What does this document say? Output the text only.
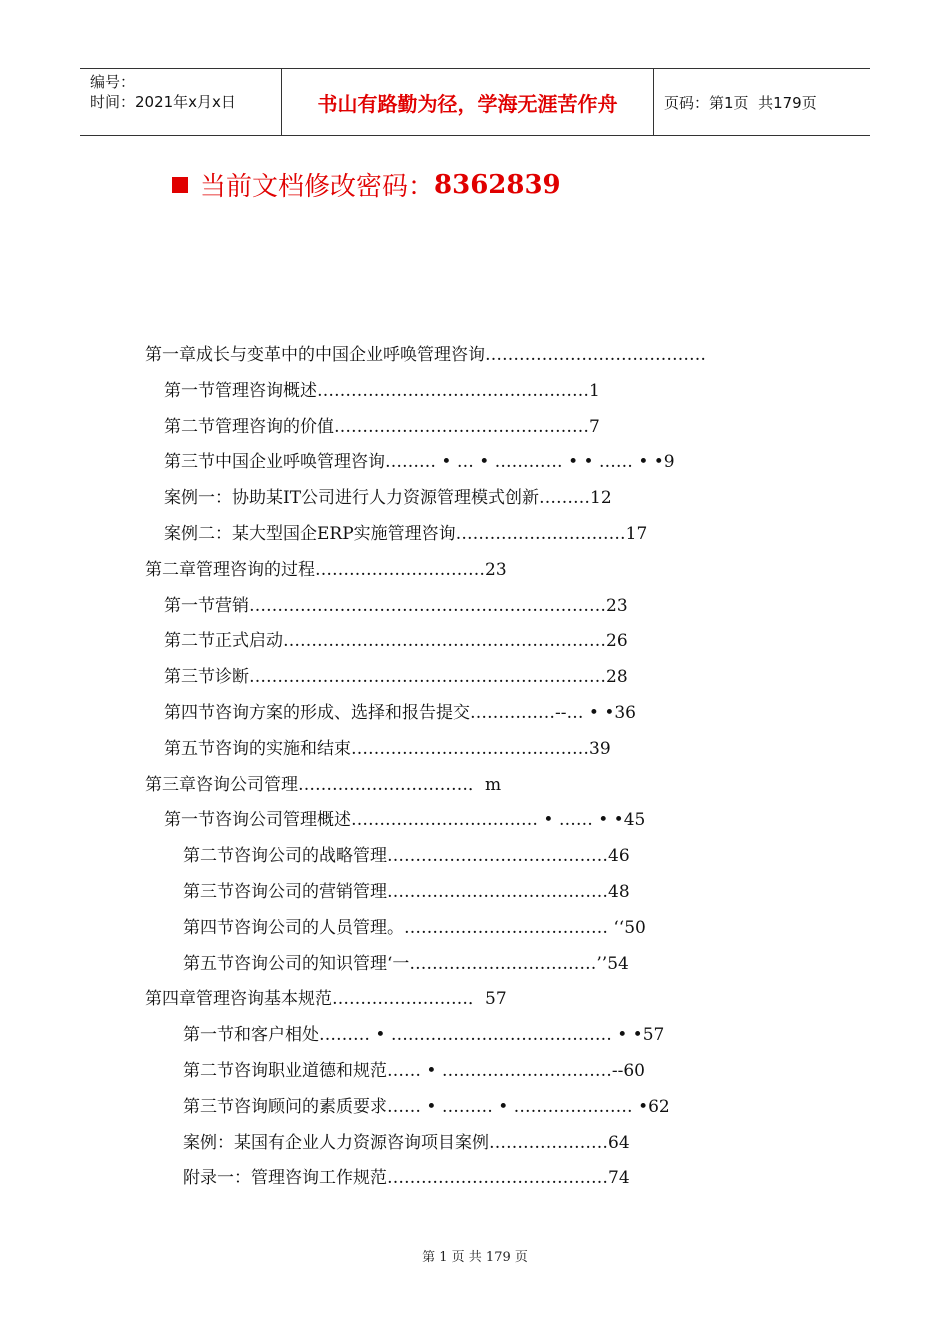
编号：
时间：2021年x月x日	书山有路勤为径，学海无涯苦作舟	页码：第1页  共179页
当前文档修改密码： 8362839
第一章成长与变革中的中国企业呼唤管理咨询…………………………………
第一节管理咨询概述…………………………………………1
第二节管理咨询的价值………………………………………7
第三节中国企业呼唤管理咨询……… • … • ………… • • …… • •9
案例一：协助某IT公司进行人力资源管理模式创新………12
案例二：某大型国企ERP实施管理咨询…………………………17
第二章管理咨询的过程…………………………23
第一节营销………………………………………………………23
第二节正式启动…………………………………………………26
第三节诊断………………………………………………………28
第四节咨询方案的形成、选择和报告提交……………--… • •36
第五节咨询的实施和结束……………………………………39
第三章咨询公司管理…………………………．m
第一节咨询公司管理概述…………………………… • …… • •45
第二节咨询公司的战略管理…………………………………46
第三节咨询公司的营销管理…………………………………48
第四节咨询公司的人员管理。……………………………… ‘‘50
第五节咨询公司的知识管理‘一……………………………’’54
第四章管理咨询基本规范……………………．57
第一节和客户相处……… • ………………………………… • •57
第二节咨询职业道德和规范…… • …………………………--60
第三节咨询顾问的素质要求…… • ……… • ………………… •62
案例：某国有企业人力资源咨询项目案例…………………64
附录一：管理咨询工作规范…………………………………74
第 1 页 共 179 页
